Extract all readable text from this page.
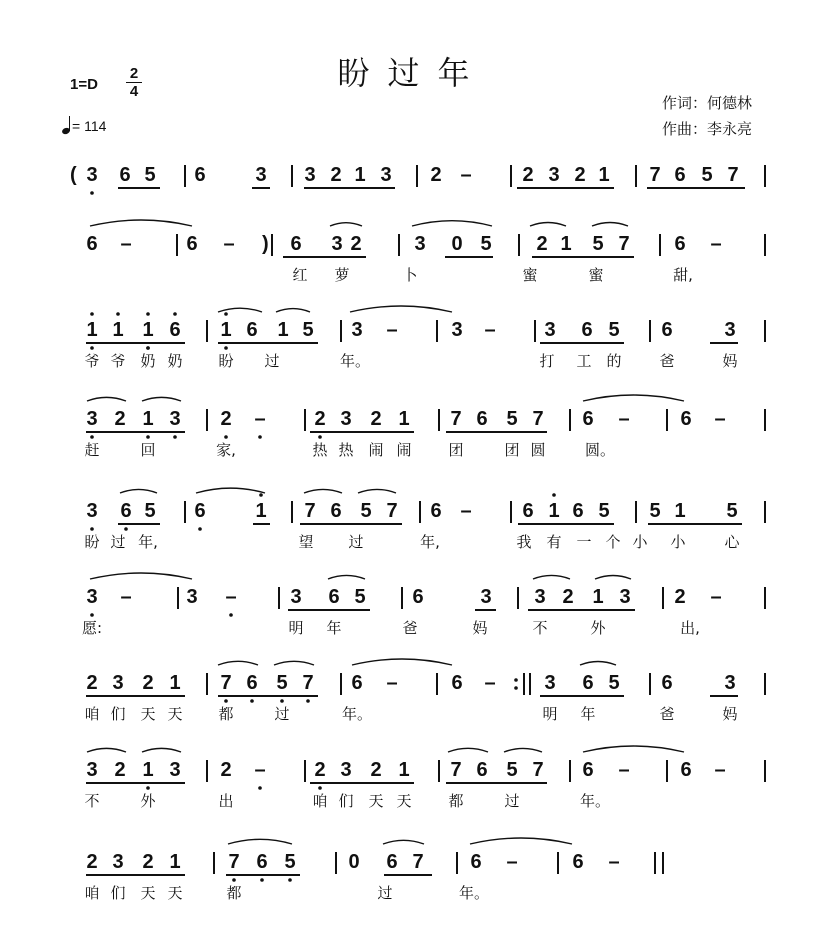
盼过年
1=D
2
4
= 114
作词：何德林
作曲：李永亮
3 6 5 6 3 3 2 1 3 2 –	2 3 2 1 7 6 5 7
6 –	6 – ) 6 3 2	3 0 5 2 1 5 7 6 –
红 萝	卜	蜜	蜜	甜,
1 1 1 6 1 6 1 5 3 –	3 – 3 6 5 6	3
爷 爷 奶 奶 盼 过	年。	打 工 的	爸	妈
3 2 1 3 2 – 2 3 2 1 7 6 5 7 6 –	6 –
赶	回	家,	热 热 闹 闹 团	团 圆	圆。
3 6 5 6 1 7 6 5 7 6 –	6 1 6 5 5 1 5
盼 过 年,	望 过	年,	我 有 一 个 小 小	心
3 –	3 –	3 6 5 6	3 3 2 1 3 2 –
愿:	明 年	爸	妈	不	外	出,
2 3 2 1 7 6 5 7 6 –	6 – 3 6 5 6	3
咱 们 天 天 都	过	年。	明 年	爸	妈
3 2 1 3 2 – 2 3 2 1 7 6 5 7 6 –	6 –
不	外	出	咱 们 天 天 都	过	年。
2 3 2 1 7 6 5	0 6 7 6 –	6 –
咱 们 天 天	都	过	年。
(
